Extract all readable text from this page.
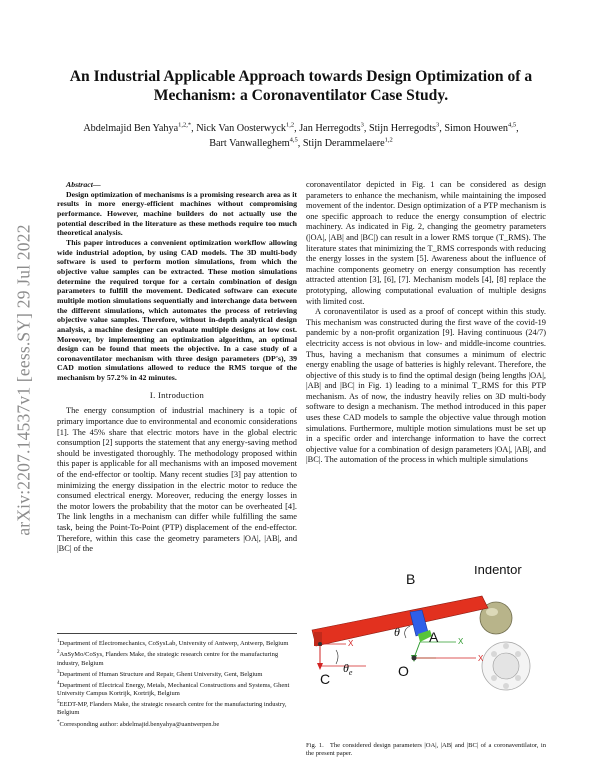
arXiv:2207.14537v1 [eess.SY] 29 Jul 2022
An Industrial Applicable Approach towards Design Optimization of a Mechanism: a Coronaventilator Case Study.
Abdelmajid Ben Yahya$^{1,2,*}$, Nick Van Oosterwyck$^{1,2}$, Jan Herregodts$^3$, Stijn Herregodts$^3$, Simon Houwen$^{4,5}$,
Bart Vanwalleghem$^{4,5}$, Stijn Derammelaere$^{1,2}$

Abstract—

Design optimization of mechanisms is a promising research area as it results in more energy-efficient machines without compromising performance. However, machine builders do not actually use the potential described in the literature as these methods require too much theoretical analysis.

This paper introduces a convenient optimization workflow allowing wide industrial adoption, by using CAD models. The 3D multi-body software is used to perform motion simulations, from which the objective value samples can be extracted. These motion simulations determine the required torque for a certain combination of design parameters to fulfill the movement. Dedicated software can execute multiple motion simulations sequentially and interchange data between the different simulations, which automates the process of retrieving objective value samples. Therefore, without in-depth analytical design analysis, a machine designer can evaluate multiple designs at low cost. Moreover, by implementing an optimization algorithm, an optimal design can be found that meets the objective. In a case study of a coronaventilator mechanism with three design parameters (DP's), 39 CAD motion simulations allowed to reduce the RMS torque of the mechanism by 57.2% in 42 minutes.

I. Introduction

The energy consumption of industrial machinery is a topic of primary importance due to environmental and economic considerations [1]. The 45% share that electric motors have in the global electric consumption [2] supports the statement that any energy-saving method should be investigated thoroughly. The methodology proposed within this paper is applicable for all mechanisms with an imposed movement of the end-effector or tooltip. Many recent studies [3] pay attention to minimizing the energy dissipation in the electric motor to reduce the consumed electrical energy. Moreover, reducing the energy losses in the motor lowers the probability that the motor can be overheated [4]. The link lengths in a mechanism can differ while fulfilling the same task, being the Point-To-Point (PTP) displacement of the end-effector. Therefore, within this case the geometry parameters |OA|, |AB|, and |BC| of the

$^1$Department of Electromechanics, CoSysLab, University of Antwerp, Antwerp, Belgium

$^2$AnSyMo/CoSys, Flanders Make, the strategic research centre for the manufacturing industry, Belgium

$^3$Department of Human Structure and Repair, Ghent University, Gent, Belgium

$^4$Department of Electrical Energy, Metals, Mechanical Constructions and Systems, Ghent University Campus Kortrijk, Kortrijk, Belgium

$^5$EEDT-MP, Flanders Make, the strategic research centre for the manufacturing industry, Belgium

*Corresponding author: abdelmajid.benyahya@uantwerpen.be

coronaventilator depicted in Fig. 1 can be considered as design parameters to enhance the mechanism, while maintaining the imposed movement of the indentor. Design optimization of a PTP mechanism is one specific approach to reduce the energy consumption of electric machinery. As indicated in Fig. 2, changing the geometry parameters (|OA|, |AB| and |BC|) can result in a lower RMS torque (T_RMS). The literature states that minimizing the T_RMS corresponds with reducing the energy losses in the system [5]. Awareness about the influence of machine components geometry on energy consumption has recently attracted attention [3], [6], [7]. Mechanism models [4], [8] replace the prototyping, allowing computational evaluation of multiple designs with limited cost.

A coronaventilator is used as a proof of concept within this study. This mechanism was constructed during the first wave of the covid-19 pandemic by a non-profit organization [9]. Having continuous (24/7) electricity access is not obvious in low- and middle-income countries. Thus, having a mechanism that consumes a minimum of electric energy enabling the usage of batteries is highly relevant. Therefore, the objective of this study is to find the optimal design (being lengths |OA|, |AB| and |BC| in Fig. 1) leading to a minimal T_RMS for this PTP mechanism. As of now, the industry heavily relies on 3D multi-body software to design a mechanism. The method introduced in this paper uses these CAD models to sample the objective value through motion simulations. Furthermore, multiple motion simulations must be set up in a specific order and interchange information to have the correct objective value for a combination of design parameters |OA|, |AB|, and |BC|. The automation of the process in which multiple simulations

B
Indentor
A
O
C
θ
$\theta_e$
X	X
X
Fig. 1. The considered design parameters |OA|, |AB| and |BC| of a coronaventilator, in the present paper.
